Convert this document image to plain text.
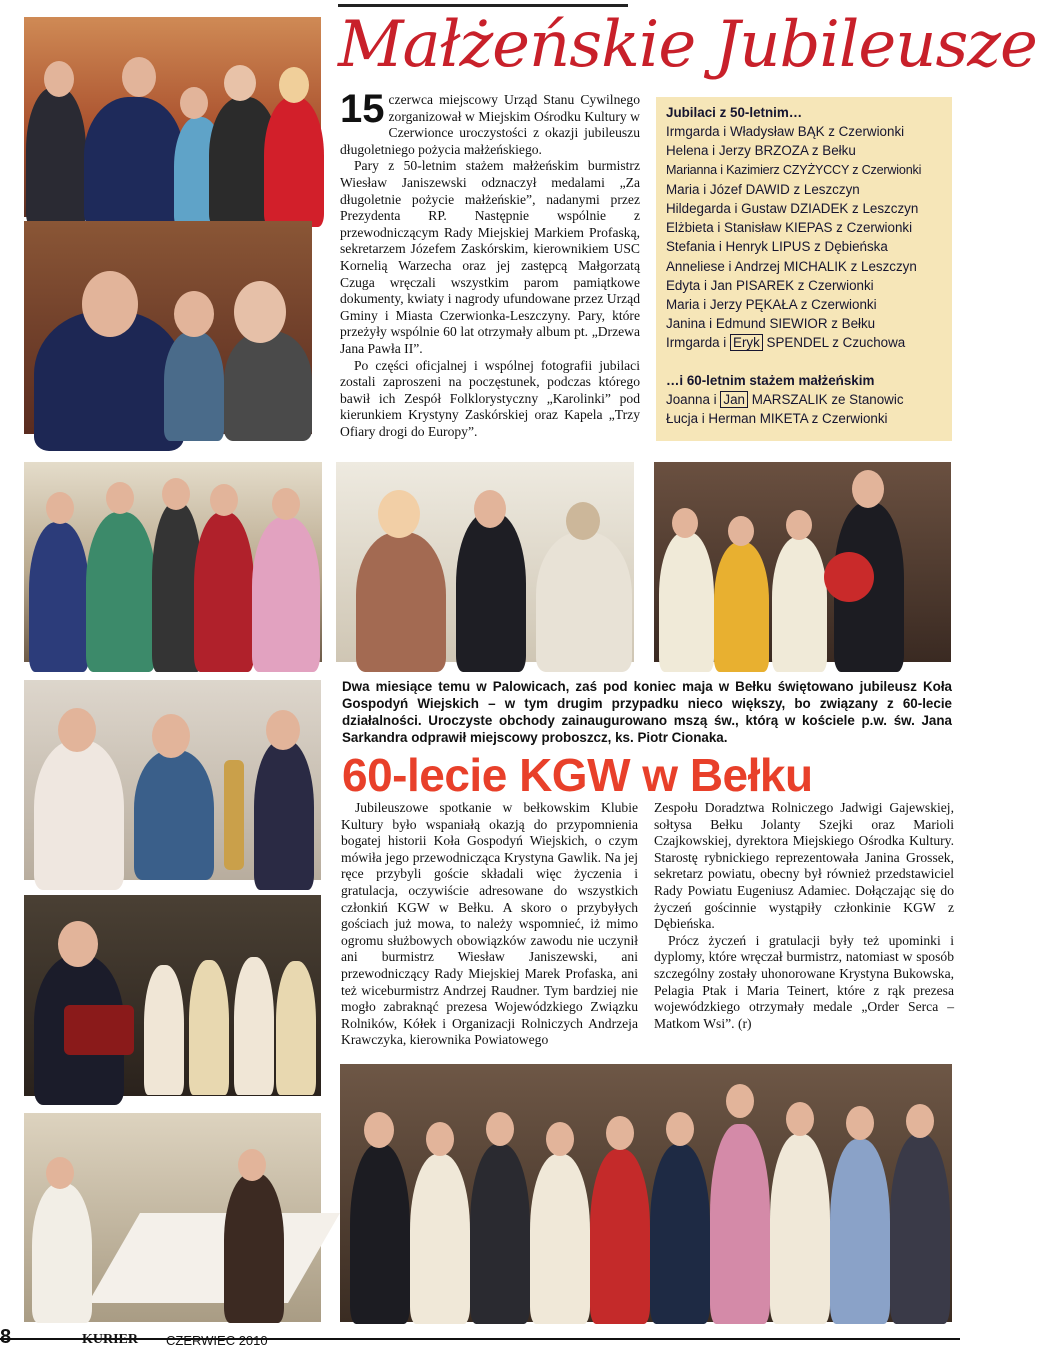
Małżeńskie Jubileusze

15 czerwca miejscowy Urząd Stanu Cywilnego zorganizował w Miejskim Ośrodku Kultury w Czerwionce uroczystości z okazji jubileuszu długoletniego pożycia małżeńskiego.

Pary z 50-letnim stażem małżeńskim burmistrz Wiesław Janiszewski odznaczył medalami „Za długoletnie pożycie małżeńskie”, nadanymi przez Prezydenta RP. Następnie wspólnie z przewodniczącym Rady Miejskiej Markiem Profaską, sekretarzem Józefem Zaskórskim, kierownikiem USC Kornelią Warzecha oraz jej zastępcą Małgorzatą Czuga wręczali wszystkim parom pamiątkowe dokumenty, kwiaty i nagrody ufundowane przez Urząd Gminy i Miasta Czerwionka-Leszczyny. Pary, które przeżyły wspólnie 60 lat otrzymały album pt. „Drzewa Jana Pawła II”.

Po części oficjalnej i wspólnej fotografii jubilaci zostali zaproszeni na poczęstunek, podczas którego bawił ich Zespół Folklorystyczny „Karolinki” pod kierunkiem Krystyny Zaskórskiej oraz Kapela „Trzy Ofiary drogi do Europy”.

Jubilaci z 50-letnim…
Irmgarda i Władysław BĄK z Czerwionki
Helena i Jerzy BRZOZA z Bełku
Marianna i Kazimierz CZYŻYCCY z Czerwionki
Maria i Józef DAWID z Leszczyn
Hildegarda i Gustaw DZIADEK z Leszczyn
Elżbieta i Stanisław KIEPAS z Czerwionki
Stefania i Henryk LIPUS z Dębieńska
Anneliese i Andrzej MICHALIK z Leszczyn
Edyta i Jan PISAREK z Czerwionki
Maria i Jerzy PĘKAŁA z Czerwionki
Janina i Edmund SIEWIOR z Bełku
Irmgarda i Eryk SPENDEL z Czuchowa
…i 60-letnim stażem małżeńskim
Joanna i Jan MARSZALIK ze Stanowic
Łucja i Herman MIKETA z Czerwionki
Dwa miesiące temu w Palowicach, zaś pod koniec maja w Bełku świętowano jubileusz Koła Gospodyń Wiejskich – w tym drugim przypadku nieco większy, bo związany z 60-lecie działalności. Uroczyste obchody zainaugurowano mszą św., którą w kościele p.w. św. Jana Sarkandra odprawił miejscowy proboszcz, ks. Piotr Cionaka.
60-lecie KGW w Bełku

Jubileuszowe spotkanie w bełkowskim Klubie Kultury było wspaniałą okazją do przypomnienia bogatej historii Koła Gospodyń Wiejskich, o czym mówiła jego przewodnicząca Krystyna Gawlik. Na jej ręce przybyli goście składali więc życzenia i gratulacja, oczywiście adresowane do wszystkich członkiń KGW w Bełku. A skoro o przybyłych gościach już mowa, to należy wspomnieć, iż mimo ogromu służbowych obowiązków zawodu nie uczynił ani burmistrz Wiesław Janiszewski, ani przewodniczący Rady Miejskiej Marek Profaska, ani też wiceburmistrz Andrzej Raudner. Tym bardziej nie mogło zabraknąć prezesa Wojewódzkiego Związku Rolników, Kółek i Organizacji Rolniczych Andrzeja Krawczyka, kierownika Powiatowego

Zespołu Doradztwa Rolniczego Jadwigi Gajewskiej, sołtysa Bełku Jolanty Szejki oraz Marioli Czajkowskiej, dyrektora Miejskiego Ośrodka Kultury. Starostę rybnickiego reprezentowała Janina Grossek, sekretarz powiatu, obecny był również przedstawiciel Rady Powiatu Eugeniusz Adamiec. Dołączając się do życzeń gościnnie wystąpiły członkinie KGW z Dębieńska.

Prócz życzeń i gratulacji były też upominki i dyplomy, które wręczał burmistrz, natomiast w sposób szczególny zostały uhonorowane Krystyna Bukowska, Pelagia Ptak i Maria Teinert, które z rąk prezesa wojewódzkiego otrzymały medale „Order Serca – Matkom Wsi”. (r)

8	KURIER CZERWIEC 2010
